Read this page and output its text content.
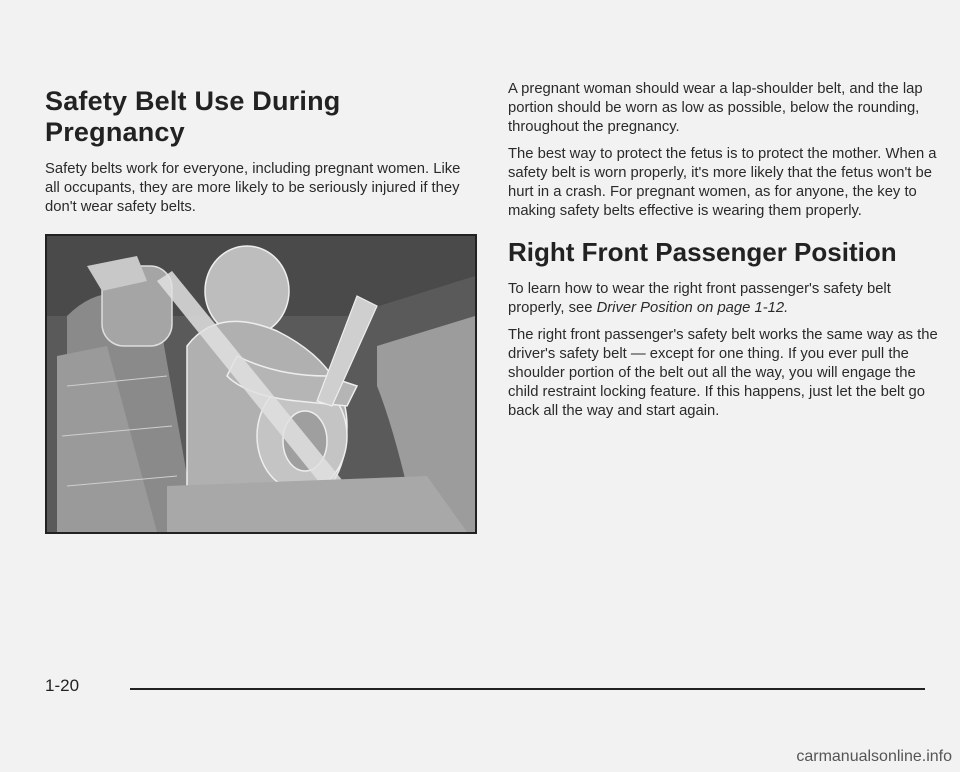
Safety Belt Use During Pregnancy

Safety belts work for everyone, including pregnant women. Like all occupants, they are more likely to be seriously injured if they don't wear safety belts.

A pregnant woman should wear a lap-shoulder belt, and the lap portion should be worn as low as possible, below the rounding, throughout the pregnancy.

The best way to protect the fetus is to protect the mother. When a safety belt is worn properly, it's more likely that the fetus won't be hurt in a crash. For pregnant women, as for anyone, the key to making safety belts effective is wearing them properly.

Right Front Passenger Position

To learn how to wear the right front passenger's safety belt properly, see Driver Position on page 1-12.

The right front passenger's safety belt works the same way as the driver's safety belt — except for one thing. If you ever pull the shoulder portion of the belt out all the way, you will engage the child restraint locking feature. If this happens, just let the belt go back all the way and start again.

1-20
carmanualsonline.info
